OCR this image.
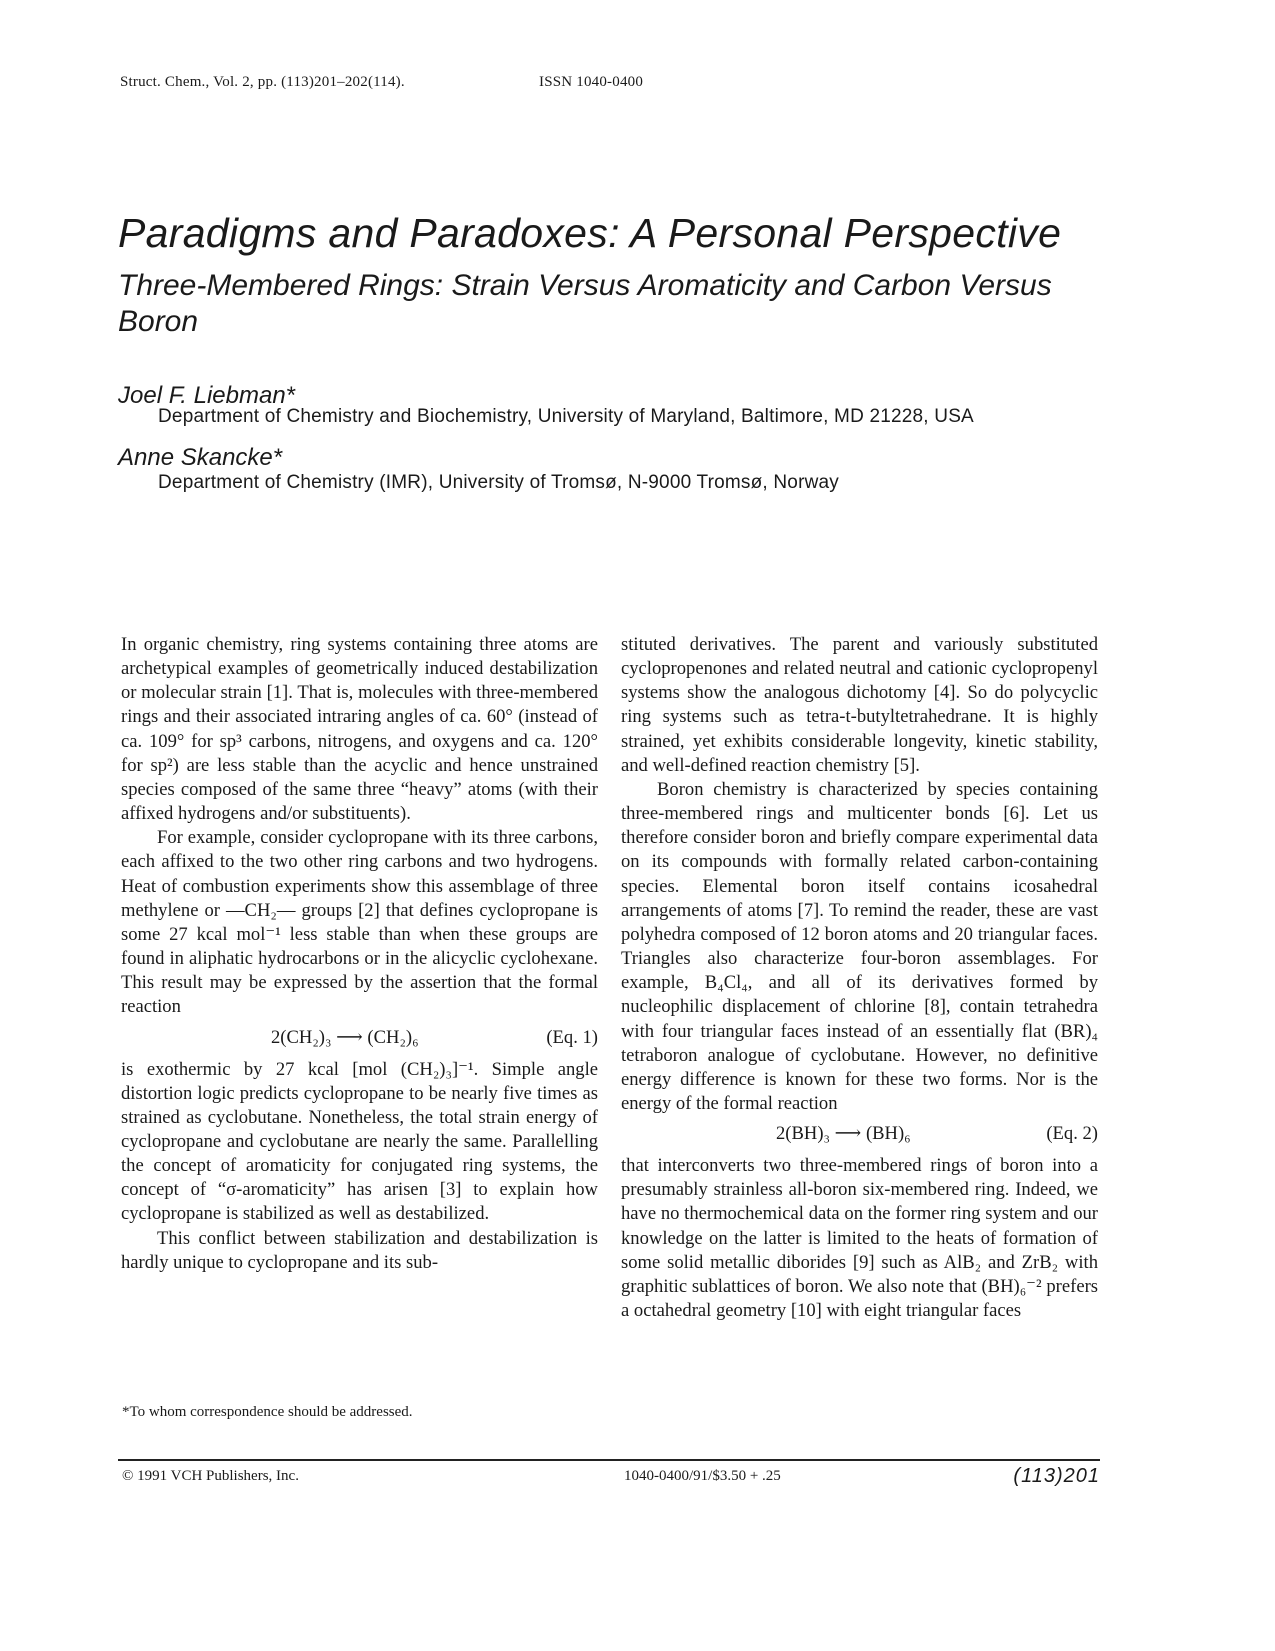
Struct. Chem., Vol. 2, pp. (113)201–202(114).	ISSN 1040-0400
Paradigms and Paradoxes: A Personal Perspective
Three-Membered Rings: Strain Versus Aromaticity and Carbon Versus Boron
Joel F. Liebman*
Department of Chemistry and Biochemistry, University of Maryland, Baltimore, MD 21228, USA
Anne Skancke*
Department of Chemistry (IMR), University of Tromsø, N-9000 Tromsø, Norway

In organic chemistry, ring systems containing three atoms are archetypical examples of geometrically induced destabilization or molecular strain [1]. That is, molecules with three-membered rings and their associated intraring angles of ca. 60° (instead of ca. 109° for sp³ carbons, nitrogens, and oxygens and ca. 120° for sp²) are less stable than the acyclic and hence unstrained species composed of the same three “heavy” atoms (with their affixed hydrogens and/or substituents).

For example, consider cyclopropane with its three carbons, each affixed to the two other ring carbons and two hydrogens. Heat of combustion experiments show this assemblage of three methylene or —CH₂— groups [2] that defines cyclopropane is some 27 kcal mol⁻¹ less stable than when these groups are found in aliphatic hydrocarbons or in the alicyclic cyclohexane. This result may be expressed by the assertion that the formal reaction

2(CH₂)₃ ⟶ (CH₂)₆	(Eq. 1)

is exothermic by 27 kcal [mol (CH₂)₃]⁻¹. Simple angle distortion logic predicts cyclopropane to be nearly five times as strained as cyclobutane. Nonetheless, the total strain energy of cyclopropane and cyclobutane are nearly the same. Parallelling the concept of aromaticity for conjugated ring systems, the concept of “σ-aromaticity” has arisen [3] to explain how cyclopropane is stabilized as well as destabilized.

This conflict between stabilization and destabilization is hardly unique to cyclopropane and its sub-

stituted derivatives. The parent and variously substituted cyclopropenones and related neutral and cationic cyclopropenyl systems show the analogous dichotomy [4]. So do polycyclic ring systems such as tetra-t-butyltetrahedrane. It is highly strained, yet exhibits considerable longevity, kinetic stability, and well-defined reaction chemistry [5].

Boron chemistry is characterized by species containing three-membered rings and multicenter bonds [6]. Let us therefore consider boron and briefly compare experimental data on its compounds with formally related carbon-containing species. Elemental boron itself contains icosahedral arrangements of atoms [7]. To remind the reader, these are vast polyhedra composed of 12 boron atoms and 20 triangular faces. Triangles also characterize four-boron assemblages. For example, B₄Cl₄, and all of its derivatives formed by nucleophilic displacement of chlorine [8], contain tetrahedra with four triangular faces instead of an essentially flat (BR)₄ tetraboron analogue of cyclobutane. However, no definitive energy difference is known for these two forms. Nor is the energy of the formal reaction

2(BH)₃ ⟶ (BH)₆	(Eq. 2)

that interconverts two three-membered rings of boron into a presumably strainless all-boron six-membered ring. Indeed, we have no thermochemical data on the former ring system and our knowledge on the latter is limited to the heats of formation of some solid metallic diborides [9] such as AlB₂ and ZrB₂ with graphitic sublattices of boron. We also note that (BH)₆⁻² prefers a octahedral geometry [10] with eight triangular faces

*To whom correspondence should be addressed.
© 1991 VCH Publishers, Inc.	1040-0400/91/$3.50 + .25	(113)201
